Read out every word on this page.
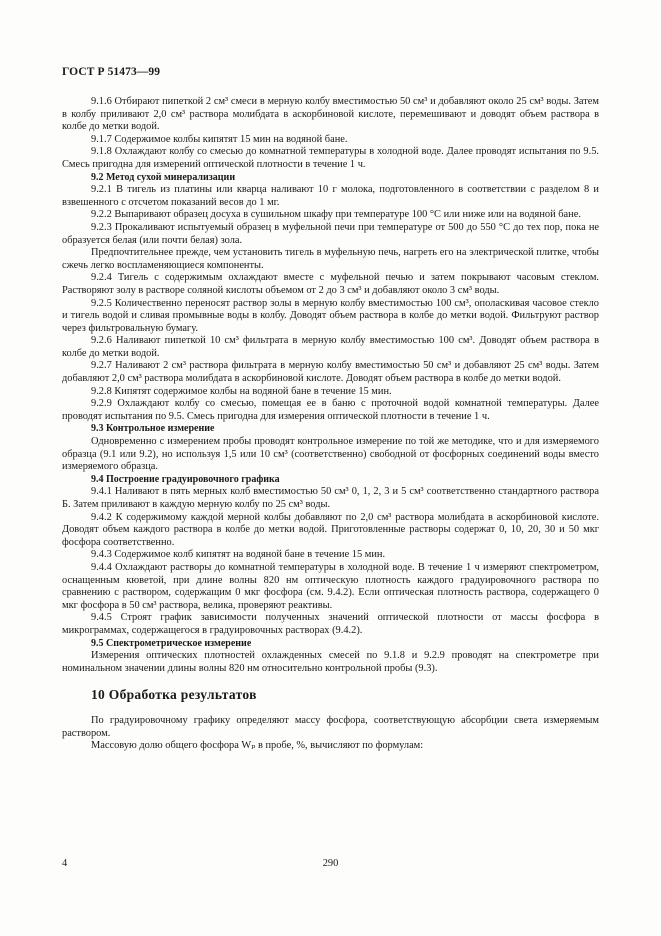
ГОСТ Р 51473—99

9.1.6 Отбирают пипеткой 2 см³ смеси в мерную колбу вместимостью 50 см³ и добавляют около 25 см³ воды. Затем в колбу приливают 2,0 см³ раствора молибдата в аскорбиновой кислоте, перемешивают и доводят объем раствора в колбе до метки водой.

9.1.7 Содержимое колбы кипятят 15 мин на водяной бане.

9.1.8 Охлаждают колбу со смесью до комнатной температуры в холодной воде. Далее проводят испытания по 9.5. Смесь пригодна для измерений оптической плотности в течение 1 ч.

9.2 Метод сухой минерализации

9.2.1 В тигель из платины или кварца наливают 10 г молока, подготовленного в соответствии с разделом 8 и взвешенного с отсчетом показаний весов до 1 мг.

9.2.2 Выпаривают образец досуха в сушильном шкафу при температуре 100 °С или ниже или на водяной бане.

9.2.3 Прокаливают испытуемый образец в муфельной печи при температуре от 500 до 550 °С до тех пор, пока не образуется белая (или почти белая) зола.

Предпочтительнее прежде, чем установить тигель в муфельную печь, нагреть его на электрической плитке, чтобы сжечь легко воспламеняющиеся компоненты.

9.2.4 Тигель с содержимым охлаждают вместе с муфельной печью и затем покрывают часовым стеклом. Растворяют золу в растворе соляной кислоты объемом от 2 до 3 см³ и добавляют около 3 см³ воды.

9.2.5 Количественно переносят раствор золы в мерную колбу вместимостью 100 см³, ополаскивая часовое стекло и тигель водой и сливая промывные воды в колбу. Доводят объем раствора в колбе до метки водой. Фильтруют раствор через фильтровальную бумагу.

9.2.6 Наливают пипеткой 10 см³ фильтрата в мерную колбу вместимостью 100 см³. Доводят объем раствора в колбе до метки водой.

9.2.7 Наливают 2 см³ раствора фильтрата в мерную колбу вместимостью 50 см³ и добавляют 25 см³ воды. Затем добавляют 2,0 см³ раствора молибдата в аскорбиновой кислоте. Доводят объем раствора в колбе до метки водой.

9.2.8 Кипятят содержимое колбы на водяной бане в течение 15 мин.

9.2.9 Охлаждают колбу со смесью, помещая ее в баню с проточной водой комнатной температуры. Далее проводят испытания по 9.5. Смесь пригодна для измерения оптической плотности в течение 1 ч.

9.3 Контрольное измерение

Одновременно с измерением пробы проводят контрольное измерение по той же методике, что и для измеряемого образца (9.1 или 9.2), но используя 1,5 или 10 см³ (соответственно) свободной от фосфорных соединений воды вместо измеряемого образца.

9.4 Построение градуировочного графика

9.4.1 Наливают в пять мерных колб вместимостью 50 см³ 0, 1, 2, 3 и 5 см³ соответственно стандартного раствора Б. Затем приливают в каждую мерную колбу по 25 см³ воды.

9.4.2 К содержимому каждой мерной колбы добавляют по 2,0 см³ раствора молибдата в аскорбиновой кислоте. Доводят объем каждого раствора в колбе до метки водой. Приготовленные растворы содержат 0, 10, 20, 30 и 50 мкг фосфора соответственно.

9.4.3 Содержимое колб кипятят на водяной бане в течение 15 мин.

9.4.4 Охлаждают растворы до комнатной температуры в холодной воде. В течение 1 ч измеряют спектрометром, оснащенным кюветой, при длине волны 820 нм оптическую плотность каждого градуировочного раствора по сравнению с раствором, содержащим 0 мкг фосфора (см. 9.4.2). Если оптическая плотность раствора, содержащего 0 мкг фосфора в 50 см³ раствора, велика, проверяют реактивы.

9.4.5 Строят график зависимости полученных значений оптической плотности от массы фосфора в микрограммах, содержащегося в градуировочных растворах (9.4.2).

9.5 Спектрометрическое измерение

Измерения оптических плотностей охлажденных смесей по 9.1.8 и 9.2.9 проводят на спектрометре при номинальном значении длины волны 820 нм относительно контрольной пробы (9.3).

10 Обработка результатов

По градуировочному графику определяют массу фосфора, соответствующую абсорбции света измеряемым раствором.

Массовую долю общего фосфора Wₚ в пробе, %, вычисляют по формулам:

4	290
